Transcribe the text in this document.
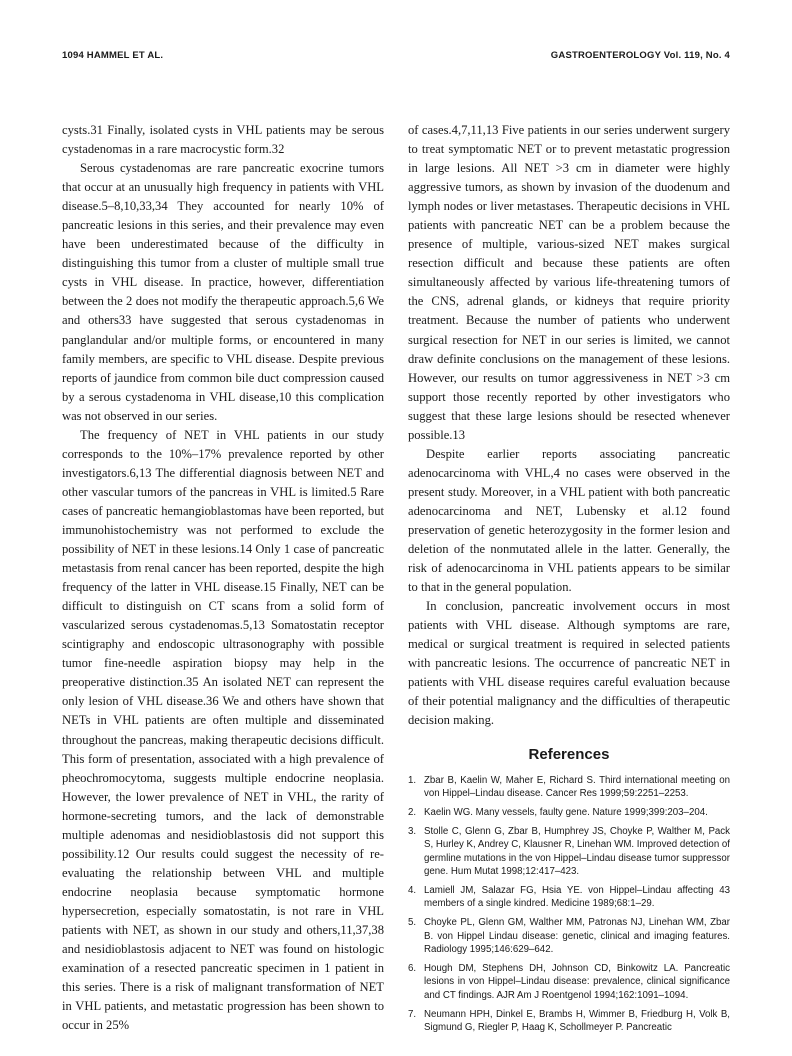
1094 HAMMEL ET AL.	GASTROENTEROLOGY Vol. 119, No. 4

cysts.31 Finally, isolated cysts in VHL patients may be serous cystadenomas in a rare macrocystic form.32

Serous cystadenomas are rare pancreatic exocrine tumors that occur at an unusually high frequency in patients with VHL disease.5–8,10,33,34 They accounted for nearly 10% of pancreatic lesions in this series, and their prevalence may even have been underestimated because of the difficulty in distinguishing this tumor from a cluster of multiple small true cysts in VHL disease. In practice, however, differentiation between the 2 does not modify the therapeutic approach.5,6 We and others33 have suggested that serous cystadenomas in panglandular and/or multiple forms, or encountered in many family members, are specific to VHL disease. Despite previous reports of jaundice from common bile duct compression caused by a serous cystadenoma in VHL disease,10 this complication was not observed in our series.

The frequency of NET in VHL patients in our study corresponds to the 10%–17% prevalence reported by other investigators.6,13 The differential diagnosis between NET and other vascular tumors of the pancreas in VHL is limited.5 Rare cases of pancreatic hemangioblastomas have been reported, but immunohistochemistry was not performed to exclude the possibility of NET in these lesions.14 Only 1 case of pancreatic metastasis from renal cancer has been reported, despite the high frequency of the latter in VHL disease.15 Finally, NET can be difficult to distinguish on CT scans from a solid form of vascularized serous cystadenomas.5,13 Somatostatin receptor scintigraphy and endoscopic ultrasonography with possible tumor fine-needle aspiration biopsy may help in the preoperative distinction.35 An isolated NET can represent the only lesion of VHL disease.36 We and others have shown that NETs in VHL patients are often multiple and disseminated throughout the pancreas, making therapeutic decisions difficult. This form of presentation, associated with a high prevalence of pheochromocytoma, suggests multiple endocrine neoplasia. However, the lower prevalence of NET in VHL, the rarity of hormone-secreting tumors, and the lack of demonstrable multiple adenomas and nesidioblastosis did not support this possibility.12 Our results could suggest the necessity of re-evaluating the relationship between VHL and multiple endocrine neoplasia because symptomatic hormone hypersecretion, especially somatostatin, is not rare in VHL patients with NET, as shown in our study and others,11,37,38 and nesidioblastosis adjacent to NET was found on histologic examination of a resected pancreatic specimen in 1 patient in this series. There is a risk of malignant transformation of NET in VHL patients, and metastatic progression has been shown to occur in 25%

of cases.4,7,11,13 Five patients in our series underwent surgery to treat symptomatic NET or to prevent metastatic progression in large lesions. All NET >3 cm in diameter were highly aggressive tumors, as shown by invasion of the duodenum and lymph nodes or liver metastases. Therapeutic decisions in VHL patients with pancreatic NET can be a problem because the presence of multiple, various-sized NET makes surgical resection difficult and because these patients are often simultaneously affected by various life-threatening tumors of the CNS, adrenal glands, or kidneys that require priority treatment. Because the number of patients who underwent surgical resection for NET in our series is limited, we cannot draw definite conclusions on the management of these lesions. However, our results on tumor aggressiveness in NET >3 cm support those recently reported by other investigators who suggest that these large lesions should be resected whenever possible.13

Despite earlier reports associating pancreatic adenocarcinoma with VHL,4 no cases were observed in the present study. Moreover, in a VHL patient with both pancreatic adenocarcinoma and NET, Lubensky et al.12 found preservation of genetic heterozygosity in the former lesion and deletion of the nonmutated allele in the latter. Generally, the risk of adenocarcinoma in VHL patients appears to be similar to that in the general population.

In conclusion, pancreatic involvement occurs in most patients with VHL disease. Although symptoms are rare, medical or surgical treatment is required in selected patients with pancreatic lesions. The occurrence of pancreatic NET in patients with VHL disease requires careful evaluation because of their potential malignancy and the difficulties of therapeutic decision making.

References
1. Zbar B, Kaelin W, Maher E, Richard S. Third international meeting on von Hippel–Lindau disease. Cancer Res 1999;59:2251–2253.
2. Kaelin WG. Many vessels, faulty gene. Nature 1999;399:203–204.
3. Stolle C, Glenn G, Zbar B, Humphrey JS, Choyke P, Walther M, Pack S, Hurley K, Andrey C, Klausner R, Linehan WM. Improved detection of germline mutations in the von Hippel–Lindau disease tumor suppressor gene. Hum Mutat 1998;12:417–423.
4. Lamiell JM, Salazar FG, Hsia YE. von Hippel–Lindau affecting 43 members of a single kindred. Medicine 1989;68:1–29.
5. Choyke PL, Glenn GM, Walther MM, Patronas NJ, Linehan WM, Zbar B. von Hippel Lindau disease: genetic, clinical and imaging features. Radiology 1995;146:629–642.
6. Hough DM, Stephens DH, Johnson CD, Binkowitz LA. Pancreatic lesions in von Hippel–Lindau disease: prevalence, clinical significance and CT findings. AJR Am J Roentgenol 1994;162:1091–1094.
7. Neumann HPH, Dinkel E, Brambs H, Wimmer B, Friedburg H, Volk B, Sigmund G, Riegler P, Haag K, Schollmeyer P. Pancreatic
